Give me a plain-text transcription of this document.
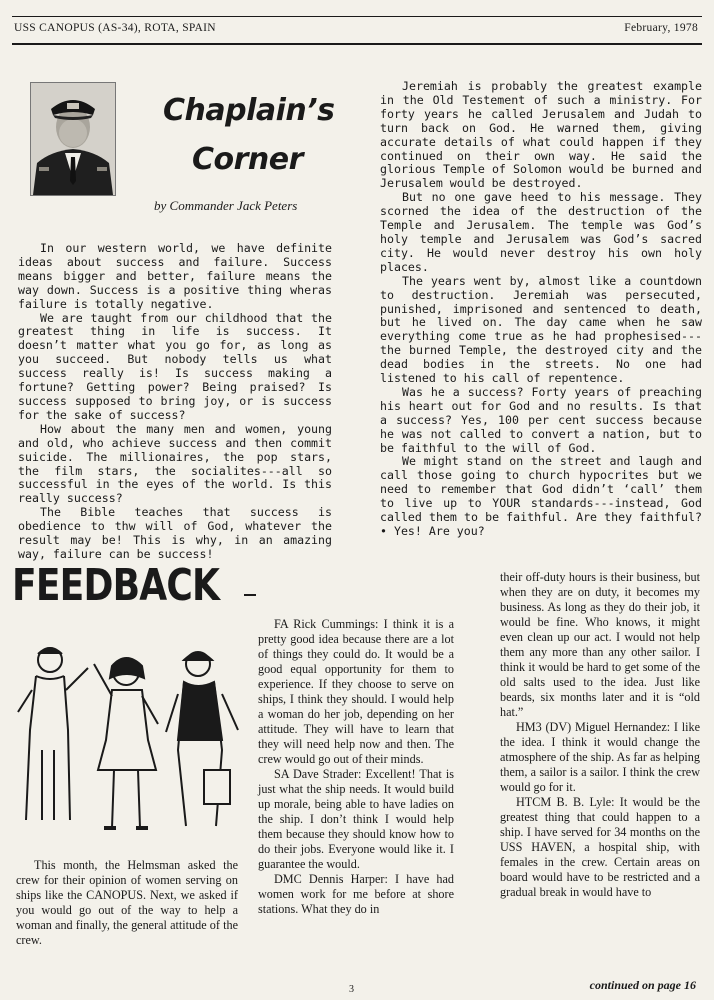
USS CANOPUS (AS-34), ROTA, SPAIN	February, 1978
Chaplain’s
Corner
by Commander Jack Peters

In our western world, we have definite ideas about success and failure. Success means bigger and better, failure means the way down. Success is a positive thing wheras failure is totally negative.

We are taught from our childhood that the greatest thing in life is success. It doesn’t matter what you go for, as long as you succeed. But nobody tells us what success really is! Is success making a fortune? Getting power? Being praised? Is success supposed to bring joy, or is success for the sake of success?

How about the many men and women, young and old, who achieve success and then commit suicide. The millionaires, the pop stars, the film stars, the socialites---all so successful in the eyes of the world. Is this really success?

The Bible teaches that success is obedience to thw will of God, whatever the result may be! This is why, in an amazing way, failure can be success!

Jeremiah is probably the greatest example in the Old Testement of such a ministry. For forty years he called Jerusalem and Judah to turn back on God. He warned them, giving accurate details of what could happen if they continued on their own way. He said the glorious Temple of Solomon would be burned and Jerusalem would be destroyed.

But no one gave heed to his message. They scorned the idea of the destruction of the Temple and Jerusalem. The temple was God’s holy temple and Jerusalem was God’s sacred city. He would never destroy his own holy places.

The years went by, almost like a countdown to destruction. Jeremiah was persecuted, punished, imprisoned and sentenced to death, but he lived on. The day came when he saw everything come true as he had prophesised---the burned Temple, the destroyed city and the dead bodies in the streets. No one had listened to his call of repentence.

Was he a success? Forty years of preaching his heart out for God and no results. Is that a success? Yes, 100 per cent success because he was not called to convert a nation, but to be faithful to the will of God.

We might stand on the street and laugh and call those going to church hypocrites but we need to remember that God didn’t ‘call’ them to live up to YOUR standards---instead, God called them to be faithful. Are they faithful?• Yes! Are you?

FEEDBACK

This month, the Helmsman asked the crew for their opinion of women serving on ships like the CANOPUS. Next, we asked if you would go out of the way to help a woman and finally, the general attitude of the crew.

FA Rick Cummings: I think it is a pretty good idea because there are a lot of things they could do. It would be a good equal opportunity for them to experience. If they choose to serve on ships, I think they should. I would help a woman do her job, depending on her attitude. They will have to learn that they will need help now and then. The crew would go out of their minds.

SA Dave Strader: Excellent! That is just what the ship needs. It would build up morale, being able to have ladies on the ship. I don’t think I would help them because they should know how to do their jobs. Everyone would like it. I guarantee the would.

DMC Dennis Harper: I have had women work for me before at shore stations. What they do in

their off-duty hours is their business, but when they are on duty, it becomes my business. As long as they do their job, it would be fine. Who knows, it might even clean up our act. I would not help them any more than any other sailor. I think it would be hard to get some of the old salts used to the idea. Just like beards, six months later and it is “old hat.”

HM3 (DV) Miguel Hernandez: I like the idea. I think it would change the atmosphere of the ship. As far as helping them, a sailor is a sailor. I think the crew would go for it.

HTCM B. B. Lyle: It would be the greatest thing that could happen to a ship. I have served for 34 months on the USS HAVEN, a hospital ship, with females in the crew. Certain areas on board would have to be restricted and a gradual break in would have to

continued on page 16
3
